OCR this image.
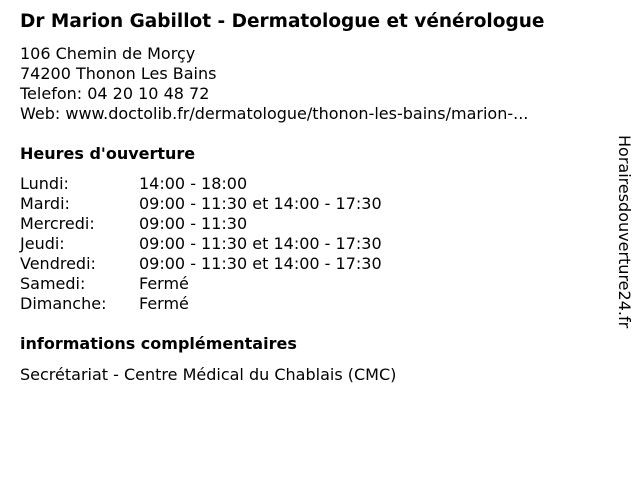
Dr Marion Gabillot - Dermatologue et vénérologue
106 Chemin de Morçy
74200 Thonon Les Bains
Telefon: 04 20 10 48 72
Web: www.doctolib.fr/dermatologue/thonon-les-bains/marion-...
Heures d'ouverture
Lundi:	14:00 - 18:00
Mardi:	09:00 - 11:30 et 14:00 - 17:30
Mercredi:	09:00 - 11:30
Jeudi:	09:00 - 11:30 et 14:00 - 17:30
Vendredi:	09:00 - 11:30 et 14:00 - 17:30
Samedi:	Fermé
Dimanche: Fermé
informations complémentaires
Secrétariat - Centre Médical du Chablais (CMC)
Horairesdouverture24.fr
